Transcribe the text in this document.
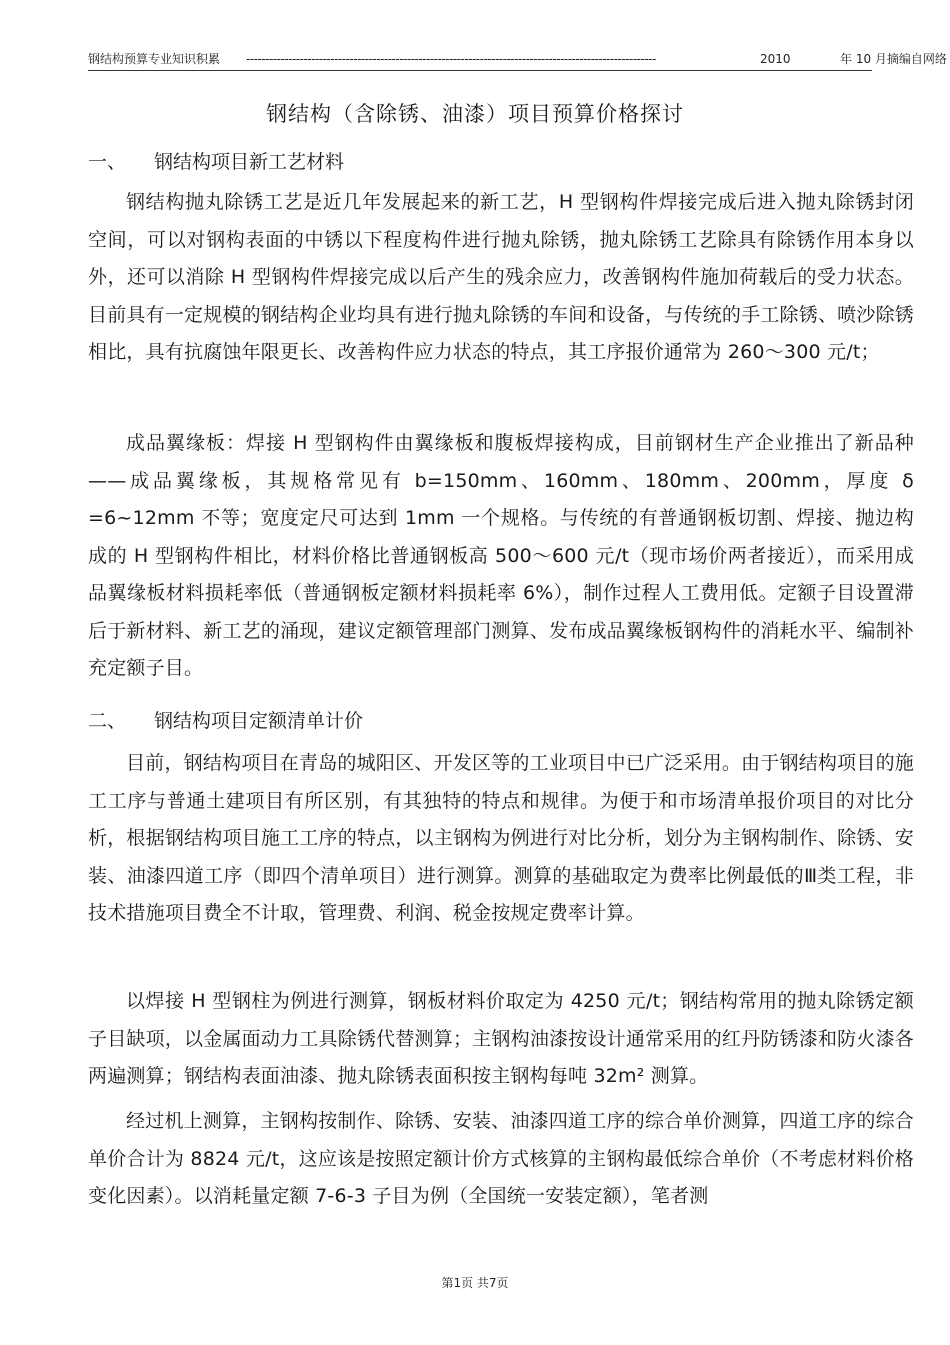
钢结构预算专业知识积累 -----------------------------------------------------------------------------------------------------------	2010	年 10 月摘编自网络
钢结构（含除锈、油漆）项目预算价格探讨
一、 钢结构项目新工艺材料
钢结构抛丸除锈工艺是近几年发展起来的新工艺，H 型钢构件焊接完成后进入抛丸除锈封闭空间，可以对钢构表面的中锈以下程度构件进行抛丸除锈，抛丸除锈工艺除具有除锈作用本身以外，还可以消除 H 型钢构件焊接完成以后产生的残余应力，改善钢构件施加荷载后的受力状态。目前具有一定规模的钢结构企业均具有进行抛丸除锈的车间和设备，与传统的手工除锈、喷沙除锈相比，具有抗腐蚀年限更长、改善构件应力状态的特点，其工序报价通常为 260～300 元/t；
成品翼缘板：焊接 H 型钢构件由翼缘板和腹板焊接构成，目前钢材生产企业推出了新品种——成品翼缘板，其规格常见有 b=150mm、160mm、180mm、200mm，厚度 δ =6~12mm 不等；宽度定尺可达到 1mm 一个规格。与传统的有普通钢板切割、焊接、抛边构成的 H 型钢构件相比，材料价格比普通钢板高 500～600 元/t（现市场价两者接近），而采用成品翼缘板材料损耗率低（普通钢板定额材料损耗率 6%），制作过程人工费用低。定额子目设置滞后于新材料、新工艺的涌现，建议定额管理部门测算、发布成品翼缘板钢构件的消耗水平、编制补充定额子目。
二、 钢结构项目定额清单计价
目前，钢结构项目在青岛的城阳区、开发区等的工业项目中已广泛采用。由于钢结构项目的施工工序与普通土建项目有所区别，有其独特的特点和规律。为便于和市场清单报价项目的对比分析，根据钢结构项目施工工序的特点，以主钢构为例进行对比分析，划分为主钢构制作、除锈、安装、油漆四道工序（即四个清单项目）进行测算。测算的基础取定为费率比例最低的Ⅲ类工程，非技术措施项目费全不计取，管理费、利润、税金按规定费率计算。
以焊接 H 型钢柱为例进行测算，钢板材料价取定为 4250 元/t；钢结构常用的抛丸除锈定额子目缺项，以金属面动力工具除锈代替测算；主钢构油漆按设计通常采用的红丹防锈漆和防火漆各两遍测算；钢结构表面油漆、抛丸除锈表面积按主钢构每吨 32m² 测算。
经过机上测算，主钢构按制作、除锈、安装、油漆四道工序的综合单价测算，四道工序的综合单价合计为 8824 元/t，这应该是按照定额计价方式核算的主钢构最低综合单价（不考虑材料价格变化因素）。以消耗量定额 7-6-3 子目为例（全国统一安装定额），笔者测
第1页 共7页
